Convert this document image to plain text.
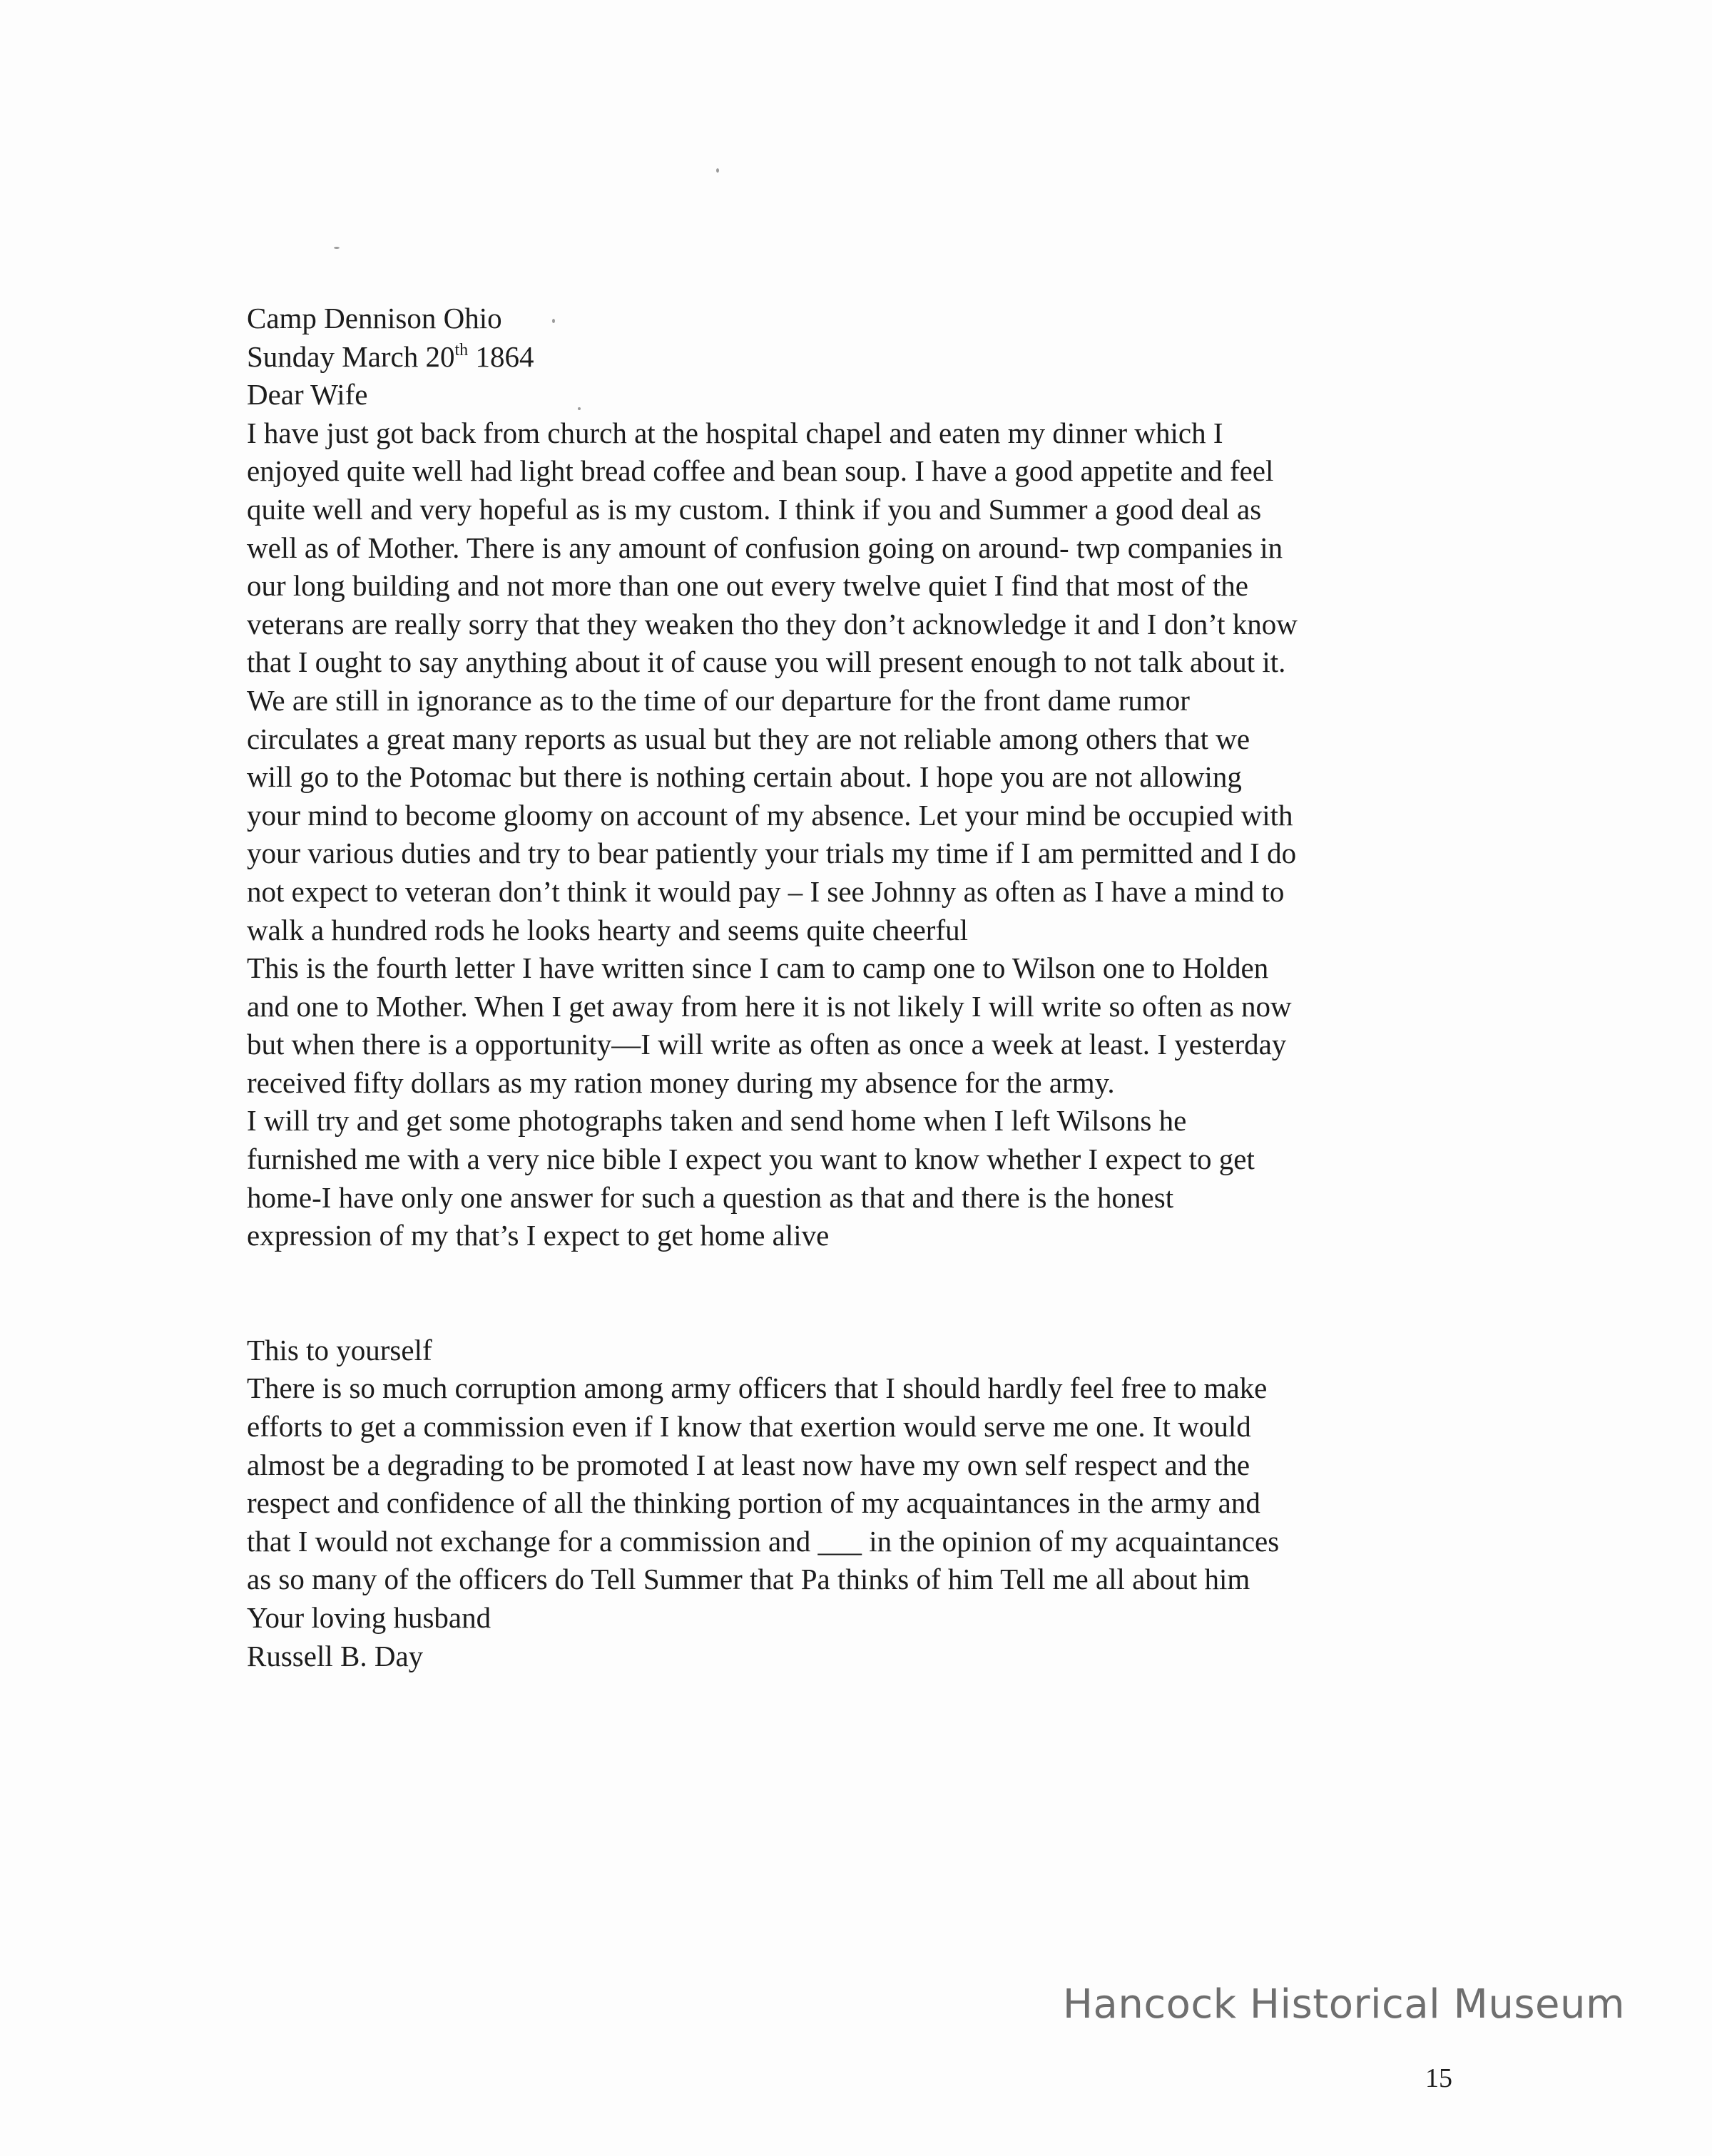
Camp Dennison Ohio
Sunday March 20th 1864
Dear Wife
I have just got back from church at the hospital chapel and eaten my dinner which I
enjoyed quite well had light bread coffee and bean soup. I have a good appetite and feel
quite well and very hopeful as is my custom. I think if you and Summer a good deal as
well as of Mother. There is any amount of confusion going on around- twp companies in
our long building and not more than one out every twelve quiet I find that most of the
veterans are really sorry that they weaken tho they don’t acknowledge it and I don’t know
that I ought to say anything about it of cause you will present enough to not talk about it.
We are still in ignorance as to the time of our departure for the front dame rumor
circulates a great many reports as usual but they are not reliable among others that we
will go to the Potomac but there is nothing certain about. I hope you are not allowing
your mind to become gloomy on account of my absence. Let your mind be occupied with
your various duties and try to bear patiently your trials my time if I am permitted and I do
not expect to veteran don’t think it would pay – I see Johnny as often as I have a mind to
walk a hundred rods he looks hearty and seems quite cheerful
This is the fourth letter I have written since I cam to camp one to Wilson one to Holden
and one to Mother. When I get away from here it is not likely I will write so often as now
but when there is a opportunity—I will write as often as once a week at least. I yesterday
received fifty dollars as my ration money during my absence for the army.
I will try and get some photographs taken and send home when I left Wilsons he
furnished me with a very nice bible I expect you want to know whether I expect to get
home-I have only one answer for such a question as that and there is the honest
expression of my that’s I expect to get home alive
This to yourself
There is so much corruption among army officers that I should hardly feel free to make
efforts to get a commission even if I know that exertion would serve me one. It would
almost be a degrading to be promoted I at least now have my own self respect and the
respect and confidence of all the thinking portion of my acquaintances in the army and
that I would not exchange for a commission and ___ in the opinion of my acquaintances
as so many of the officers do Tell Summer that Pa thinks of him Tell me all about him
Your loving husband
Russell B. Day
Hancock Historical Museum
15
